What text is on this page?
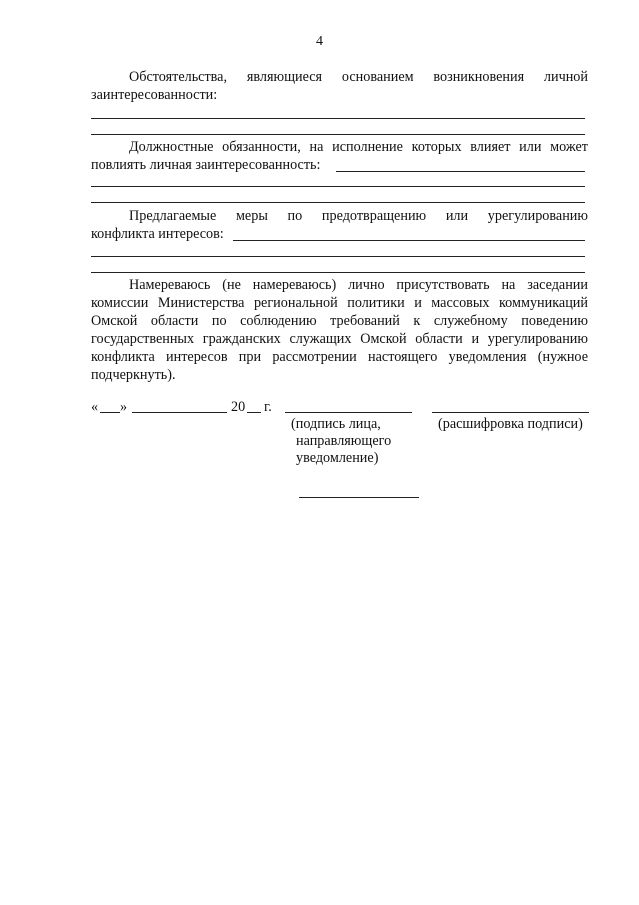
4
Обстоятельства, являющиеся основанием возникновения личной
заинтересованности:
Должностные обязанности, на исполнение которых влияет или может
повлиять личная заинтересованность:
Предлагаемые меры по предотвращению или урегулированию
конфликта интересов:
Намереваюсь (не намереваюсь) лично присутствовать на заседании
комиссии Министерства региональной политики и массовых коммуникаций
Омской области по соблюдению требований к служебному поведению
государственных гражданских служащих Омской области и урегулированию
конфликта интересов при рассмотрении настоящего уведомления (нужное
подчеркнуть).
« »	20 г.
(подпись лица,
направляющего
уведомление)
(расшифровка подписи)
